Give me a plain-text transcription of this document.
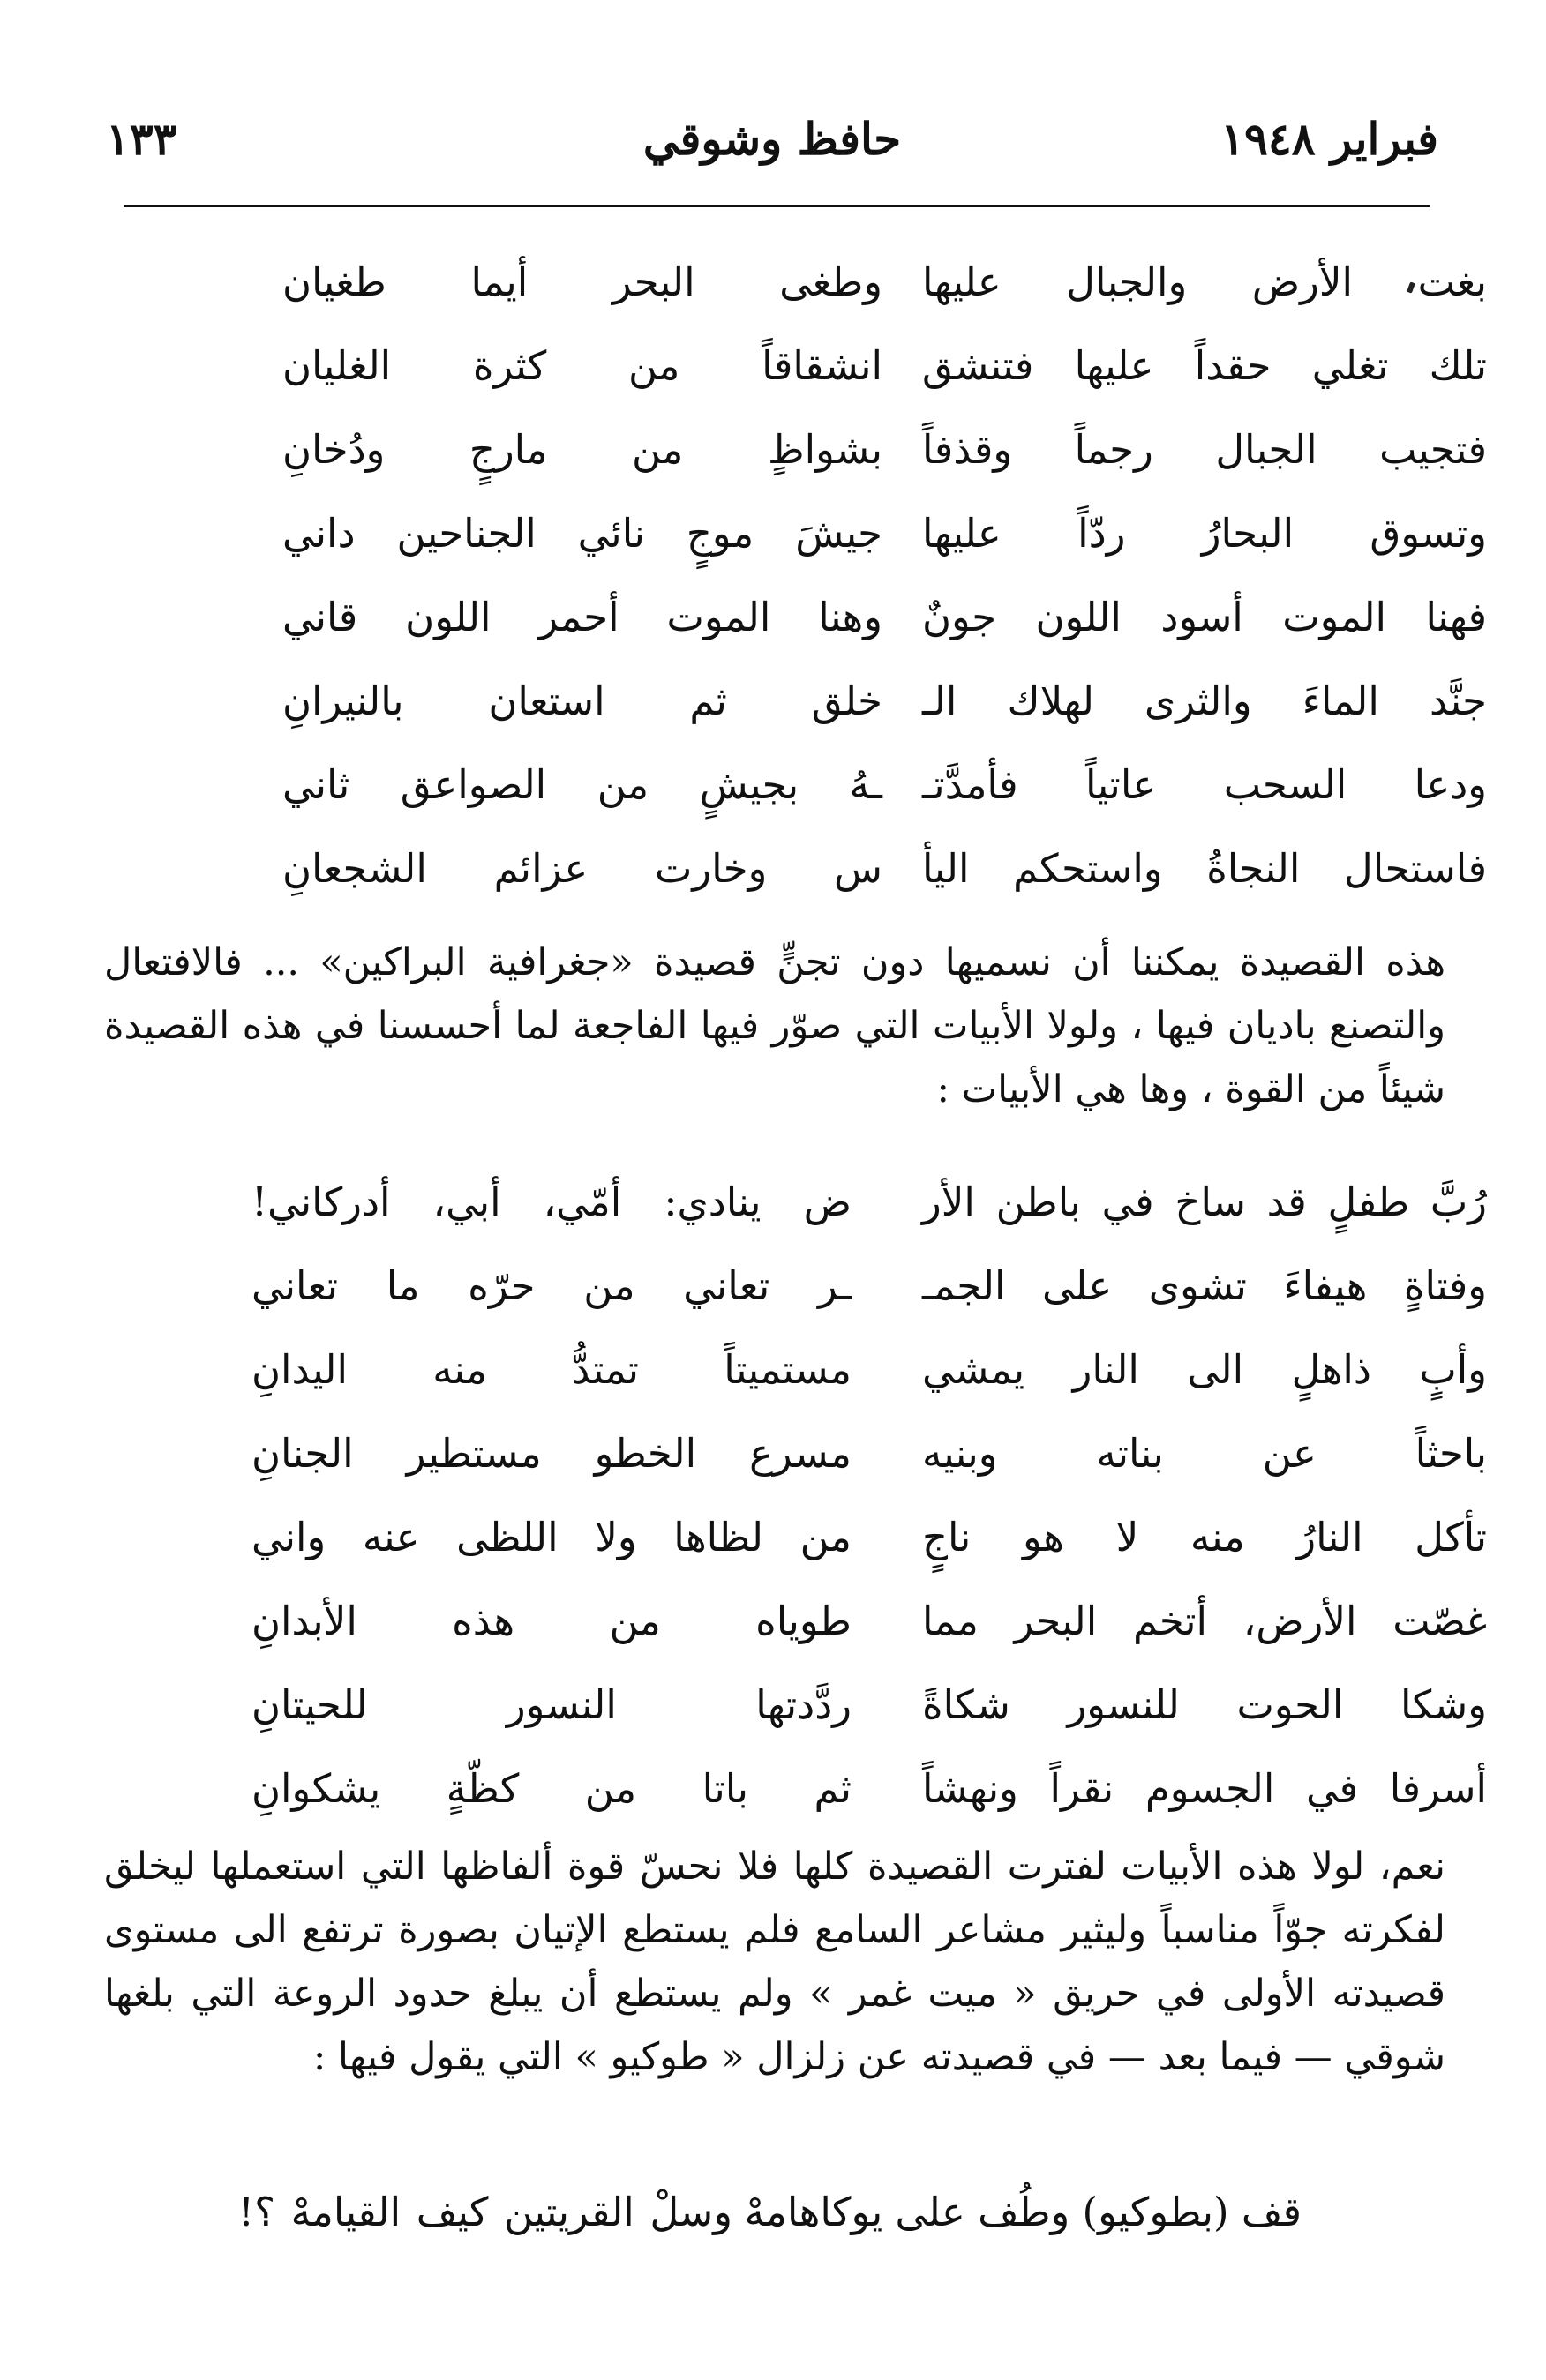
فبراير ١٩٤٨
حافظ وشوقي
١٣٣
بغت الأرض والجبال عليها
وطغى البحر أيما طغيان
تلك تغلي حقداً عليها فتنشق
انشقاقاً من كثرة الغليان
فتجيب الجبال رجماً وقذفاً
بشواظٍ من مارجٍ ودُخانِ
وتسوق البحارُ ردّاً عليها
جيشَ موجٍ نائي الجناحين داني
فهنا الموت أسود اللون جونٌ
وهنا الموت أحمر اللون قاني
جنَّد الماءَ والثرى لهلاك الـ
خلق ثم استعان بالنيرانِ
ودعا السحب عاتياً فأمدَّتـ
ـهُ بجيشٍ من الصواعق ثاني
فاستحال النجاةُ واستحكم اليأ
س وخارت عزائم الشجعانِ
هذه القصيدة يمكننا أن نسميها دون تجنٍّ قصيدة «جغرافية البراكين» ... فالافتعال والتصنع باديان فيها ، ولولا الأبيات التي صوّر فيها الفاجعة لما أحسسنا في هذه القصيدة شيئاً من القوة ، وها هي الأبيات :
رُبَّ طفلٍ قد ساخ في باطن الأر
ض ينادي: أمّي، أبي، أدركاني!
وفتاةٍ هيفاءَ تشوى على الجمـ
ـر تعاني من حرّه ما تعاني
وأبٍ ذاهلٍ الى النار يمشي
مستميتاً تمتدُّ منه اليدانِ
باحثاً عن بناته وبنيه
مسرع الخطو مستطير الجنانِ
تأكل النارُ منه لا هو ناجٍ
من لظاها ولا اللظى عنه واني
غصّت الأرض، أتخم البحر مما
طوياه من هذه الأبدانِ
وشكا الحوت للنسور شكاةً
ردَّدتها النسور للحيتانِ
أسرفا في الجسوم نقراً ونهشاً
ثم باتا من كظّةٍ يشكوانِ
نعم، لولا هذه الأبيات لفترت القصيدة كلها فلا نحسّ قوة ألفاظها التي استعملها ليخلق لفكرته جوّاً مناسباً وليثير مشاعر السامع فلم يستطع الإتيان بصورة ترتفع الى مستوى قصيدته الأولى في حريق « ميت غمر » ولم يستطع أن يبلغ حدود الروعة التي بلغها شوقي — فيما بعد — في قصيدته عن زلزال « طوكيو » التي يقول فيها :
قف (بطوكيو) وطُف على يوكاهامهْ
وسلْ القريتين كيف القيامهْ ؟!
